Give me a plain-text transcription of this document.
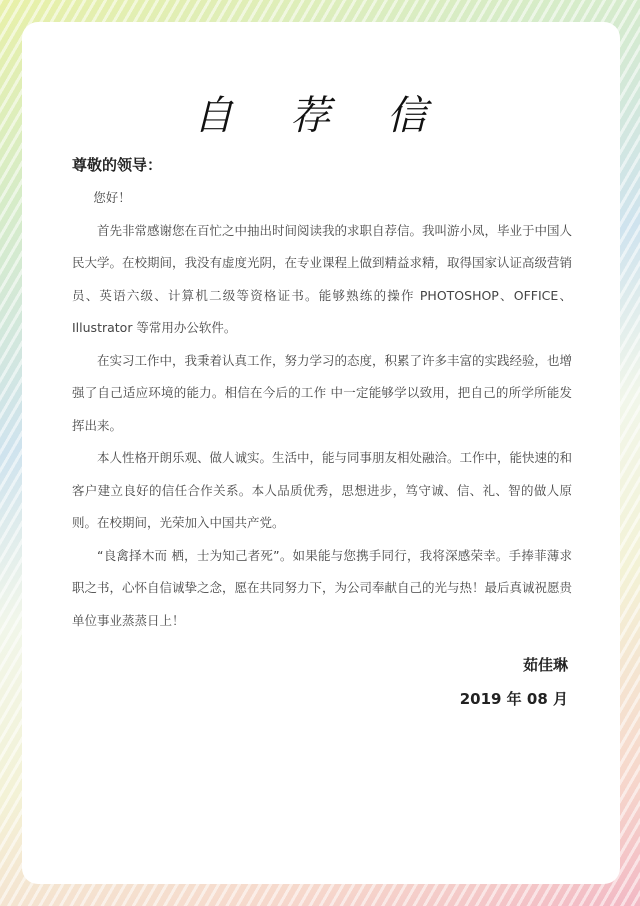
自 荐 信
尊敬的领导：

您好！

首先非常感谢您在百忙之中抽出时间阅读我的求职自荐信。我叫游小凤，毕业于中国人民大学。在校期间，我没有虚度光阴，在专业课程上做到精益求精，取得国家认证高级营销员、英语六级、计算机二级等资格证书。能够熟练的操作 PHOTOSHOP、OFFICE、Illustrator 等常用办公软件。

在实习工作中，我秉着认真工作，努力学习的态度，积累了许多丰富的实践经验，也增强了自己适应环境的能力。相信在今后的工作 中一定能够学以致用，把自己的所学所能发挥出来。

本人性格开朗乐观、做人诚实。生活中，能与同事朋友相处融洽。工作中，能快速的和客户建立良好的信任合作关系。本人品质优秀，思想进步，笃守诚、信、礼、智的做人原则。在校期间，光荣加入中国共产党。

“良禽择木而 栖，士为知己者死”。如果能与您携手同行，我将深感荣幸。手捧菲薄求职之书，心怀自信诚挚之念，愿在共同努力下，为公司奉献自己的光与热！最后真诚祝愿贵单位事业蒸蒸日上！

茹佳琳
2019 年 08 月
